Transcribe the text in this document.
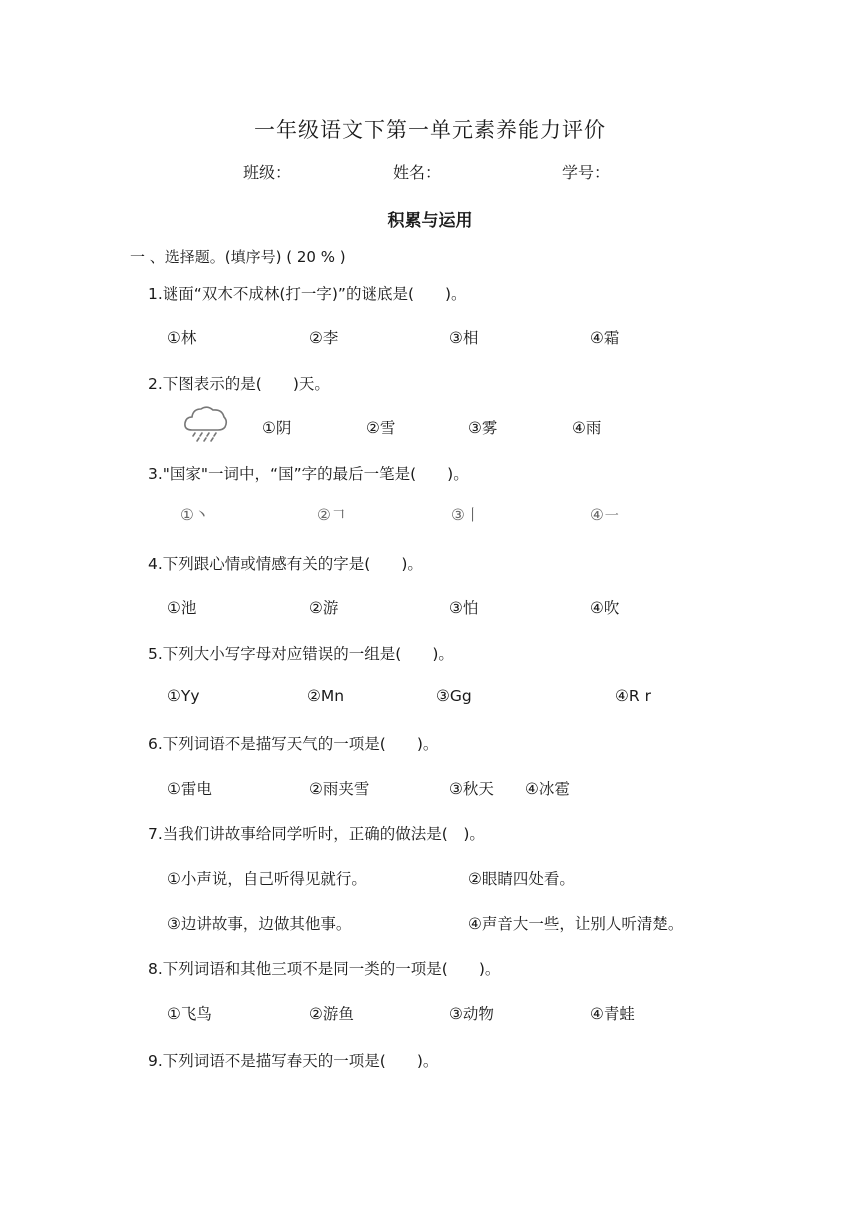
一年级语文下第一单元素养能力评价
班级：	姓名：	学号：
积累与运用
一 、选择题。(填序号) ( 20 % )
1.谜面“双木不成林(打一字)”的谜底是(　　)。
①林	②李	③相	④霜
2.下图表示的是(　　)天。
①阴	②雪	③雾	④雨
3."国家"一词中，“国”字的最后一笔是(　　)。
①丶	②𠃍	③丨	④㇐
4.下列跟心情或情感有关的字是(　　)。
①池	②游	③怕	④吹
5.下列大小写字母对应错误的一组是(　　)。
①Yy	②Mn	③Gg	④R r
6.下列词语不是描写天气的一项是(　　)。
①雷电	②雨夹雪	③秋天 ④冰雹
7.当我们讲故事给同学听时，正确的做法是(　)。
①小声说，自己听得见就行。	②眼睛四处看。
③边讲故事，边做其他事。	④声音大一些，让别人听清楚。
8.下列词语和其他三项不是同一类的一项是(　　)。
①飞鸟	②游鱼	③动物	④青蛙
9.下列词语不是描写春天的一项是(　　)。
